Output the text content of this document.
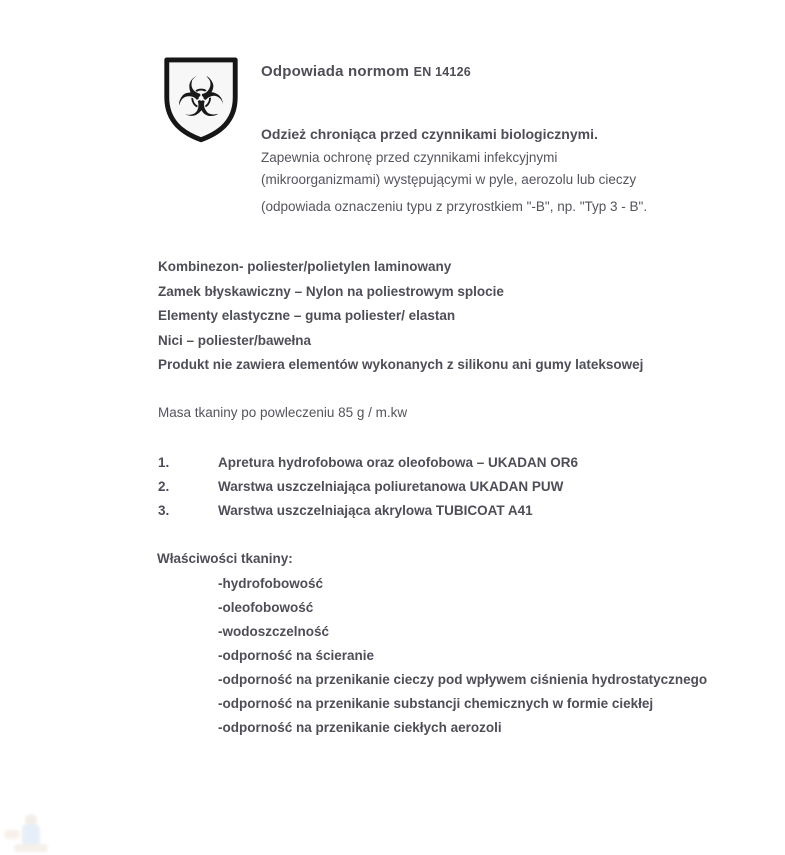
☣	Odpowiada normom EN 14126

Odzież chroniąca przed czynnikami biologicznymi.

Zapewnia ochronę przed czynnikami infekcyjnymi

(mikroorganizmami) występującymi w pyle, aerozolu lub cieczy

(odpowiada oznaczeniu typu z przyrostkiem "-B", np. "Typ 3 - B".

Kombinezon- poliester/polietylen laminowany

Zamek błyskawiczny – Nylon na poliestrowym splocie

Elementy elastyczne – guma poliester/ elastan

Nici – poliester/bawełna

Produkt nie zawiera elementów wykonanych z silikonu ani gumy lateksowej

Masa tkaniny po powleczeniu 85 g / m.kw

1.	Apretura hydrofobowa oraz oleofobowa – UKADAN OR6
2.	Warstwa uszczelniająca poliuretanowa UKADAN PUW
3.	Warstwa uszczelniająca akrylowa TUBICOAT A41

Właściwości tkaniny:

-hydrofobowość

-oleofobowość

-wodoszczelność

-odporność na ścieranie

-odporność na przenikanie cieczy pod wpływem ciśnienia hydrostatycznego

-odporność na przenikanie substancji chemicznych w formie ciekłej

-odporność na przenikanie ciekłych aerozoli
